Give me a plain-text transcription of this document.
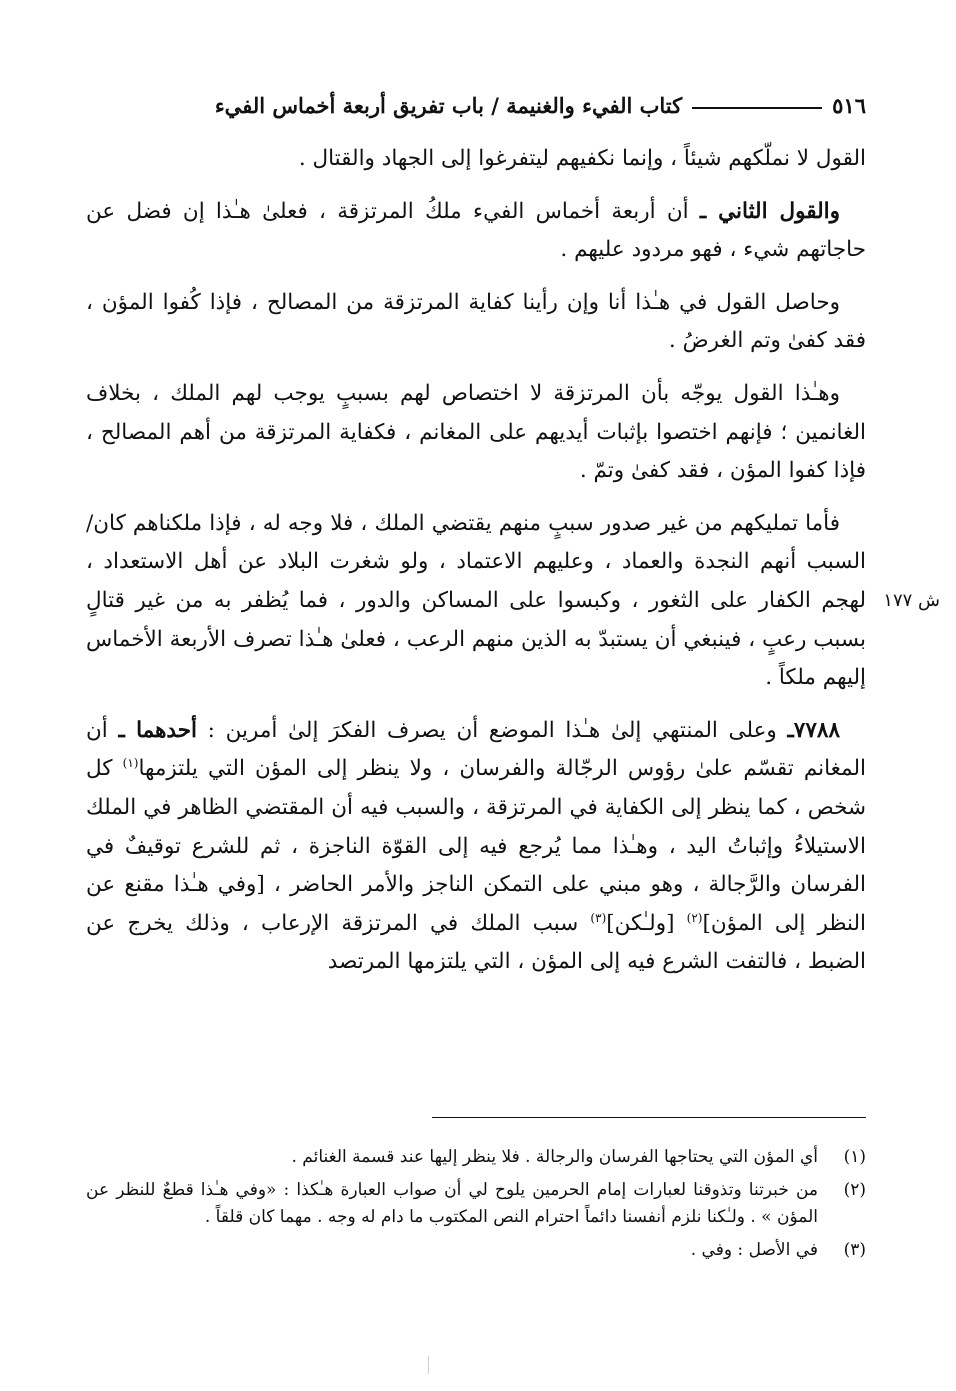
٥١٦
كتاب الفيء والغنيمة / باب تفريق أربعة أخماس الفيء
ش ١٧٧

القول لا نملّكهم شيئاً ، وإنما نكفيهم ليتفرغوا إلى الجهاد والقتال .

والقول الثاني ـ أن أربعة أخماس الفيء ملكُ المرتزقة ، فعلىٰ هـٰذا إن فضل عن حاجاتهم شيء ، فهو مردود عليهم .

وحاصل القول في هـٰذا أنا وإن رأينا كفاية المرتزقة من المصالح ، فإذا كُفوا المؤن ، فقد كفىٰ وتم الغرضُ .

وهـٰذا القول يوجّه بأن المرتزقة لا اختصاص لهم بسببٍ يوجب لهم الملك ، بخلاف الغانمين ؛ فإنهم اختصوا بإثبات أيديهم على المغانم ، فكفاية المرتزقة من أهم المصالح ، فإذا كفوا المؤن ، فقد كفىٰ وتمّ .

فأما تمليكهم من غير صدور سببٍ منهم يقتضي الملك ، فلا وجه له ، فإذا ملكناهم كان/ السبب أنهم النجدة والعماد ، وعليهم الاعتماد ، ولو شغرت البلاد عن أهل الاستعداد ، لهجم الكفار على الثغور ، وكبسوا على المساكن والدور ، فما يُظفر به من غير قتالٍ بسبب رعبٍ ، فينبغي أن يستبدّ به الذين منهم الرعب ، فعلىٰ هـٰذا تصرف الأربعة الأخماس إليهم ملكاً .

٧٧٨٨ـ وعلى المنتهي إلىٰ هـٰذا الموضع أن يصرف الفكرَ إلىٰ أمرين : أحدهما ـ أن المغانم تقسّم علىٰ رؤوس الرجّالة والفرسان ، ولا ينظر إلى المؤن التي يلتزمها$^{(١)}$ كل شخص ، كما ينظر إلى الكفاية في المرتزقة ، والسبب فيه أن المقتضي الظاهر في الملك الاستيلاءُ وإثباتُ اليد ، وهـٰذا مما يُرجع فيه إلى القوّة الناجزة ، ثم للشرع توقيفٌ في الفرسان والرَّجالة ، وهو مبني على التمكن الناجز والأمر الحاضر ، [وفي هـٰذا مقنع عن النظر إلى المؤن]$^{(٢)}$ [ولـٰكن]$^{(٣)}$ سبب الملك في المرتزقة الإرعاب ، وذلك يخرج عن الضبط ، فالتفت الشرع فيه إلى المؤن ، التي يلتزمها المرتصد

(١)
أي المؤن التي يحتاجها الفرسان والرجالة . فلا ينظر إليها عند قسمة الغنائم .
(٢)
من خبرتنا وتذوقنا لعبارات إمام الحرمين يلوح لي أن صواب العبارة هـٰكذا : «وفي هـٰذا قطعٌ للنظر عن المؤن » . ولـٰكنا نلزم أنفسنا دائماً احترام النص المكتوب ما دام له وجه . مهما كان قلقاً .
(٣)
في الأصل : وفي .
